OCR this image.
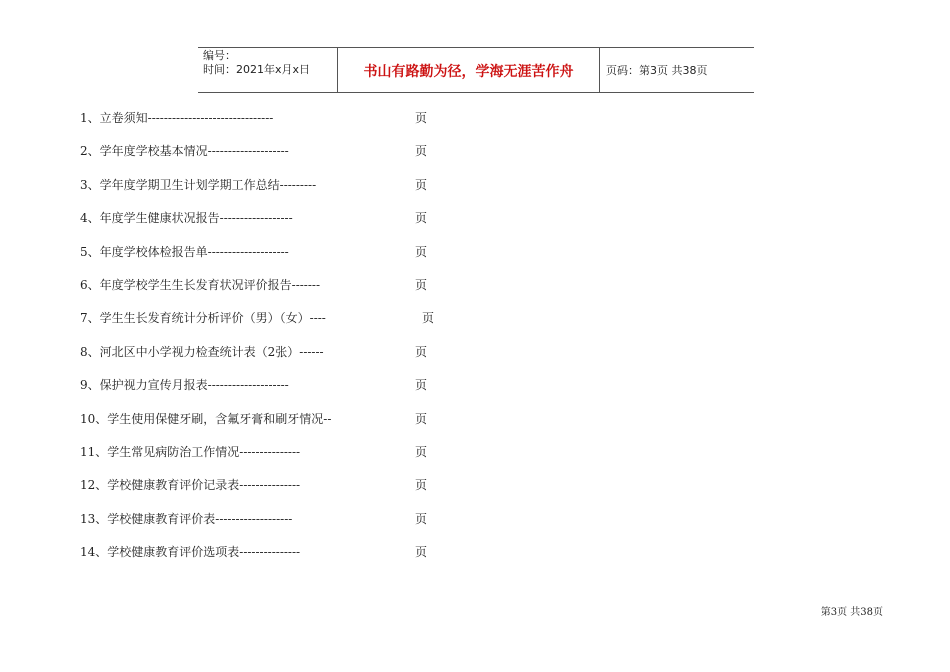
编号：
时间：2021年x月x日	书山有路勤为径，学海无涯苦作舟	页码：第3页 共38页
1、立卷须知-------------------------------	页
2、学年度学校基本情况--------------------	页
3、学年度学期卫生计划学期工作总结---------	页
4、年度学生健康状况报告------------------	页
5、年度学校体检报告单--------------------	页
6、年度学校学生生长发育状况评价报告-------	页
7、学生生长发育统计分析评价（男）（女）----	页
8、河北区中小学视力检查统计表（2张）------	页
9、保护视力宣传月报表--------------------	页
10、学生使用保健牙刷，含氟牙膏和刷牙情况--	页
11、学生常见病防治工作情况---------------	页
12、学校健康教育评价记录表---------------	页
13、学校健康教育评价表-------------------	页
14、学校健康教育评价选项表---------------	页
第3页 共38页
